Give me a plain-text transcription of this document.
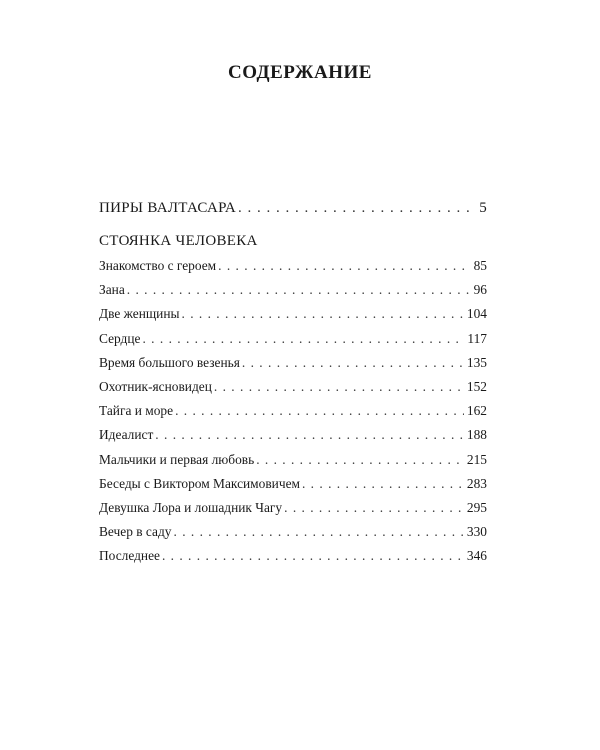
СОДЕРЖАНИЕ
ПИРЫ ВАЛТАСАРА . . .	5
СТОЯНКА ЧЕЛОВЕКА
Знакомство с героем . . .	85
Зана . . .	96
Две женщины . . .	104
Сердце . . .	117
Время большого везенья . . .	135
Охотник-ясновидец . . .	152
Тайга и море . . .	162
Идеалист . . .	188
Мальчики и первая любовь . . .	215
Беседы с Виктором Максимовичем . . .	283
Девушка Лора и лошадник Чагу . . .	295
Вечер в саду . . .	330
Последнее . . .	346
